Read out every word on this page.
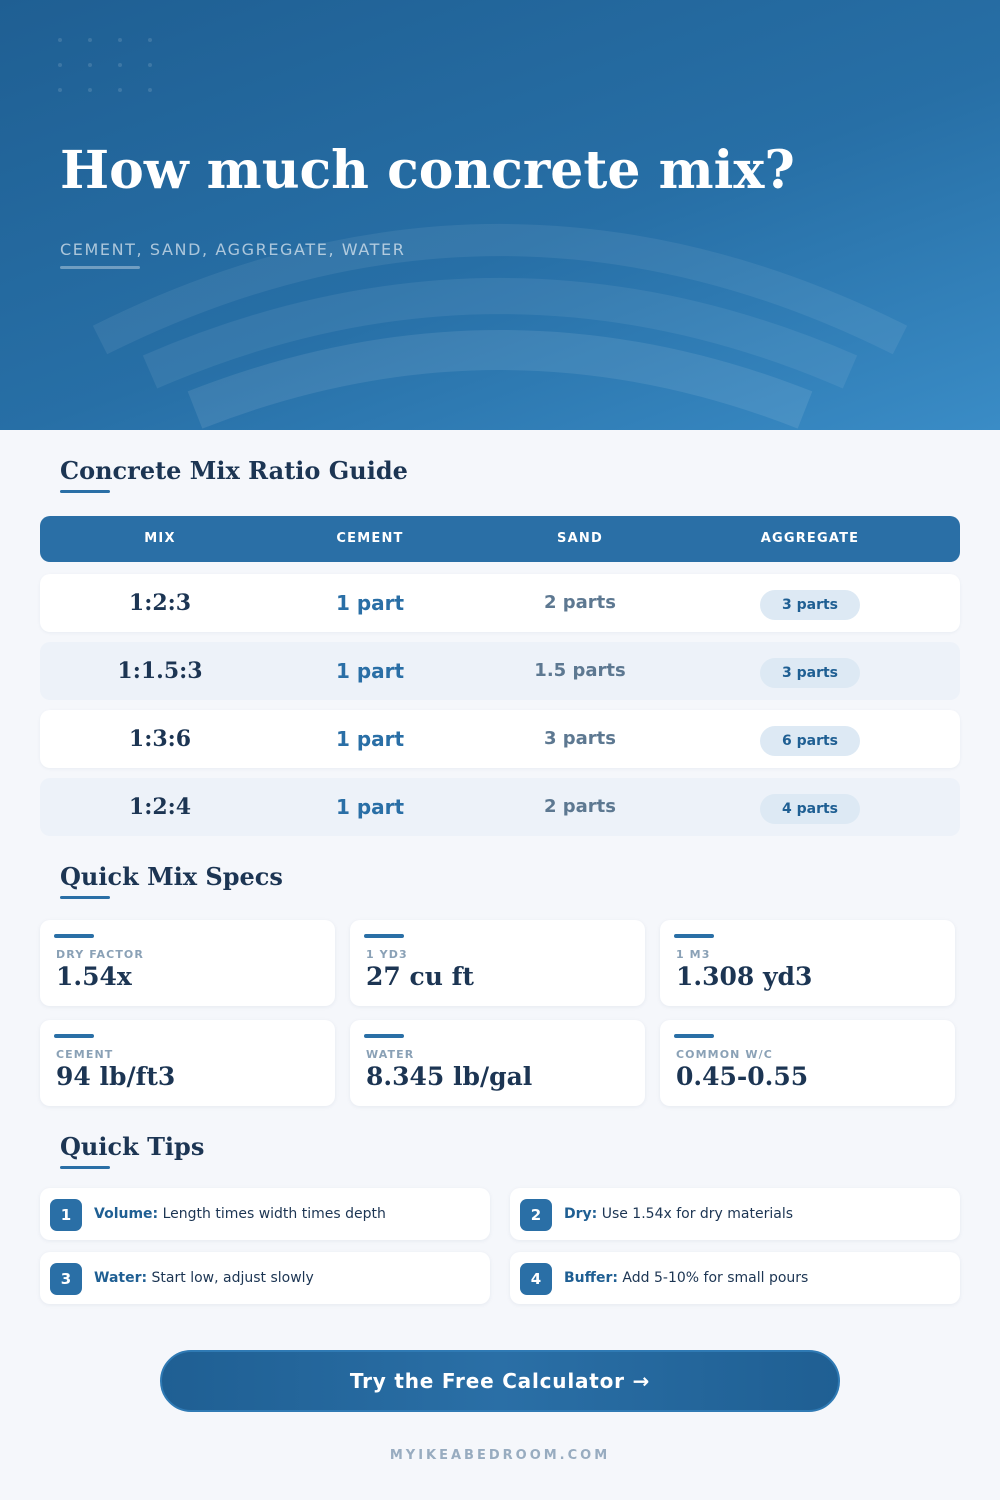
How much concrete mix?
CEMENT, SAND, AGGREGATE, WATER
Concrete Mix Ratio Guide
MIX	CEMENT	SAND	AGGREGATE
1:2:3	1 part	2 parts	3 parts
1:1.5:3	1 part	1.5 parts	3 parts
1:3:6	1 part	3 parts	6 parts
1:2:4	1 part	2 parts	4 parts
Quick Mix Specs
DRY FACTOR
1.54x
1 YD3
27 cu ft
1 M3
1.308 yd3
CEMENT
94 lb/ft3
WATER
8.345 lb/gal
COMMON W/C
0.45-0.55
Quick Tips
1	Volume: Length times width times depth	2	Dry: Use 1.54x for dry materials
3	Water: Start low, adjust slowly	4	Buffer: Add 5-10% for small pours
Try the Free Calculator →
MYIKEABEDROOM.COM
